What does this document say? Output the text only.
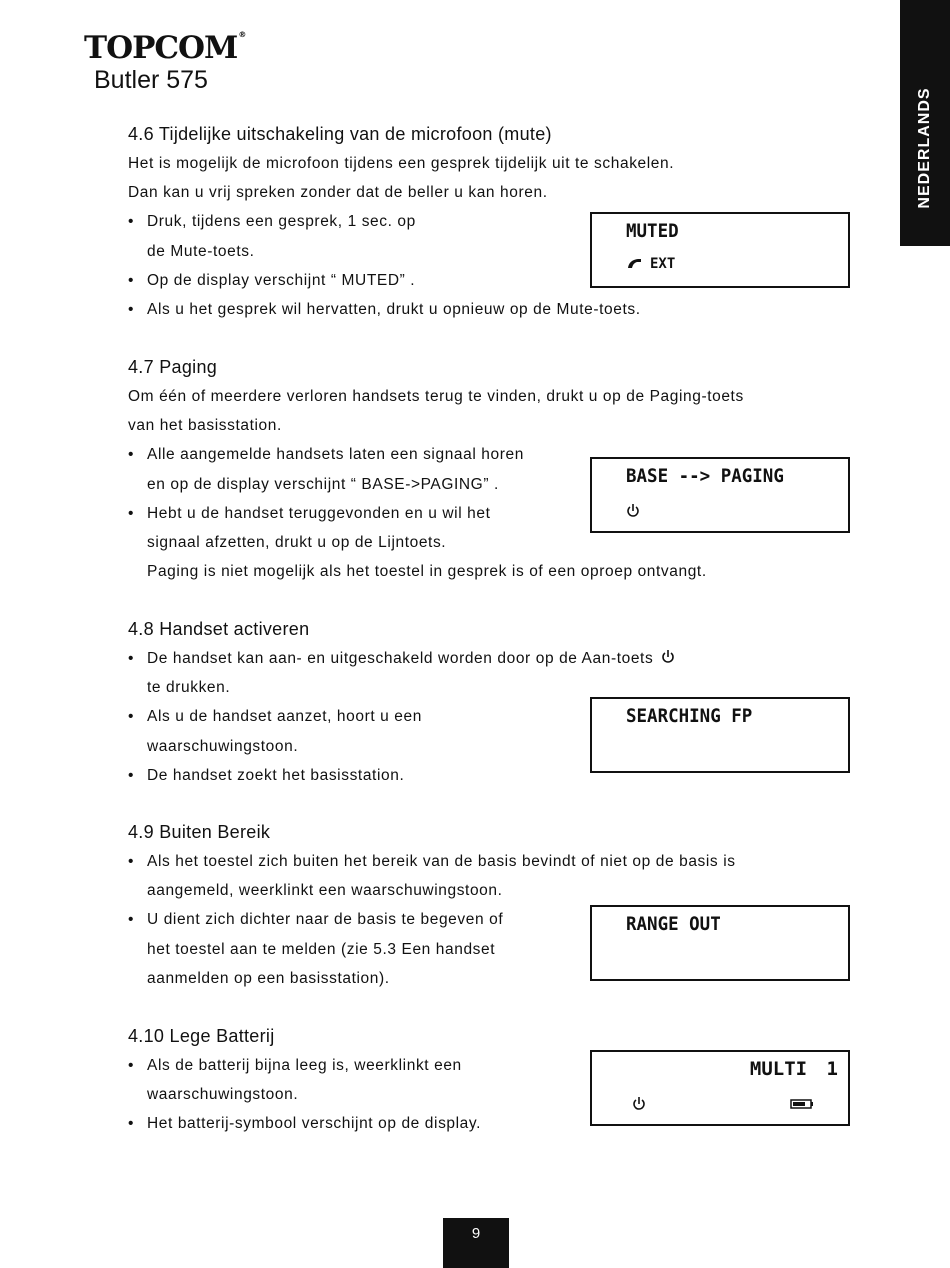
TOPCOM®
Butler 575
NEDERLANDS
4.6 Tijdelijke uitschakeling van de microfoon (mute)
Het is mogelijk de microfoon tijdens een gesprek tijdelijk uit te schakelen.
Dan kan u vrij spreken zonder dat de beller u kan horen.
• Druk, tijdens een gesprek, 1 sec. op
de Mute-toets.
• Op de display verschijnt “ MUTED” .
• Als u het gesprek wil hervatten, drukt u opnieuw op de Mute-toets.
MUTED
EXT
4.7 Paging
Om één of meerdere verloren handsets terug te vinden, drukt u op de Paging-toets
van het basisstation.
• Alle aangemelde handsets laten een signaal horen
en op de display verschijnt “ BASE->PAGING” .
• Hebt u de handset teruggevonden en u wil het
signaal afzetten, drukt u op de Lijntoets.
Paging is niet mogelijk als het toestel in gesprek is of een oproep ontvangt.
BASE --> PAGING
4.8 Handset activeren
• De handset kan aan- en uitgeschakeld worden door op de Aan-toets
te drukken.
• Als u de handset aanzet, hoort u een
waarschuwingstoon.
• De handset zoekt het basisstation.
SEARCHING FP
4.9 Buiten Bereik
• Als het toestel zich buiten het bereik van de basis bevindt of niet op de basis is
aangemeld, weerklinkt een waarschuwingstoon.
• U dient zich dichter naar de basis te begeven of
het toestel aan te melden (zie 5.3 Een handset
aanmelden op een basisstation).
RANGE OUT
4.10 Lege Batterij
• Als de batterij bijna leeg is, weerklinkt een
waarschuwingstoon.
• Het batterij-symbool verschijnt op de display.
MULTI 1
9
